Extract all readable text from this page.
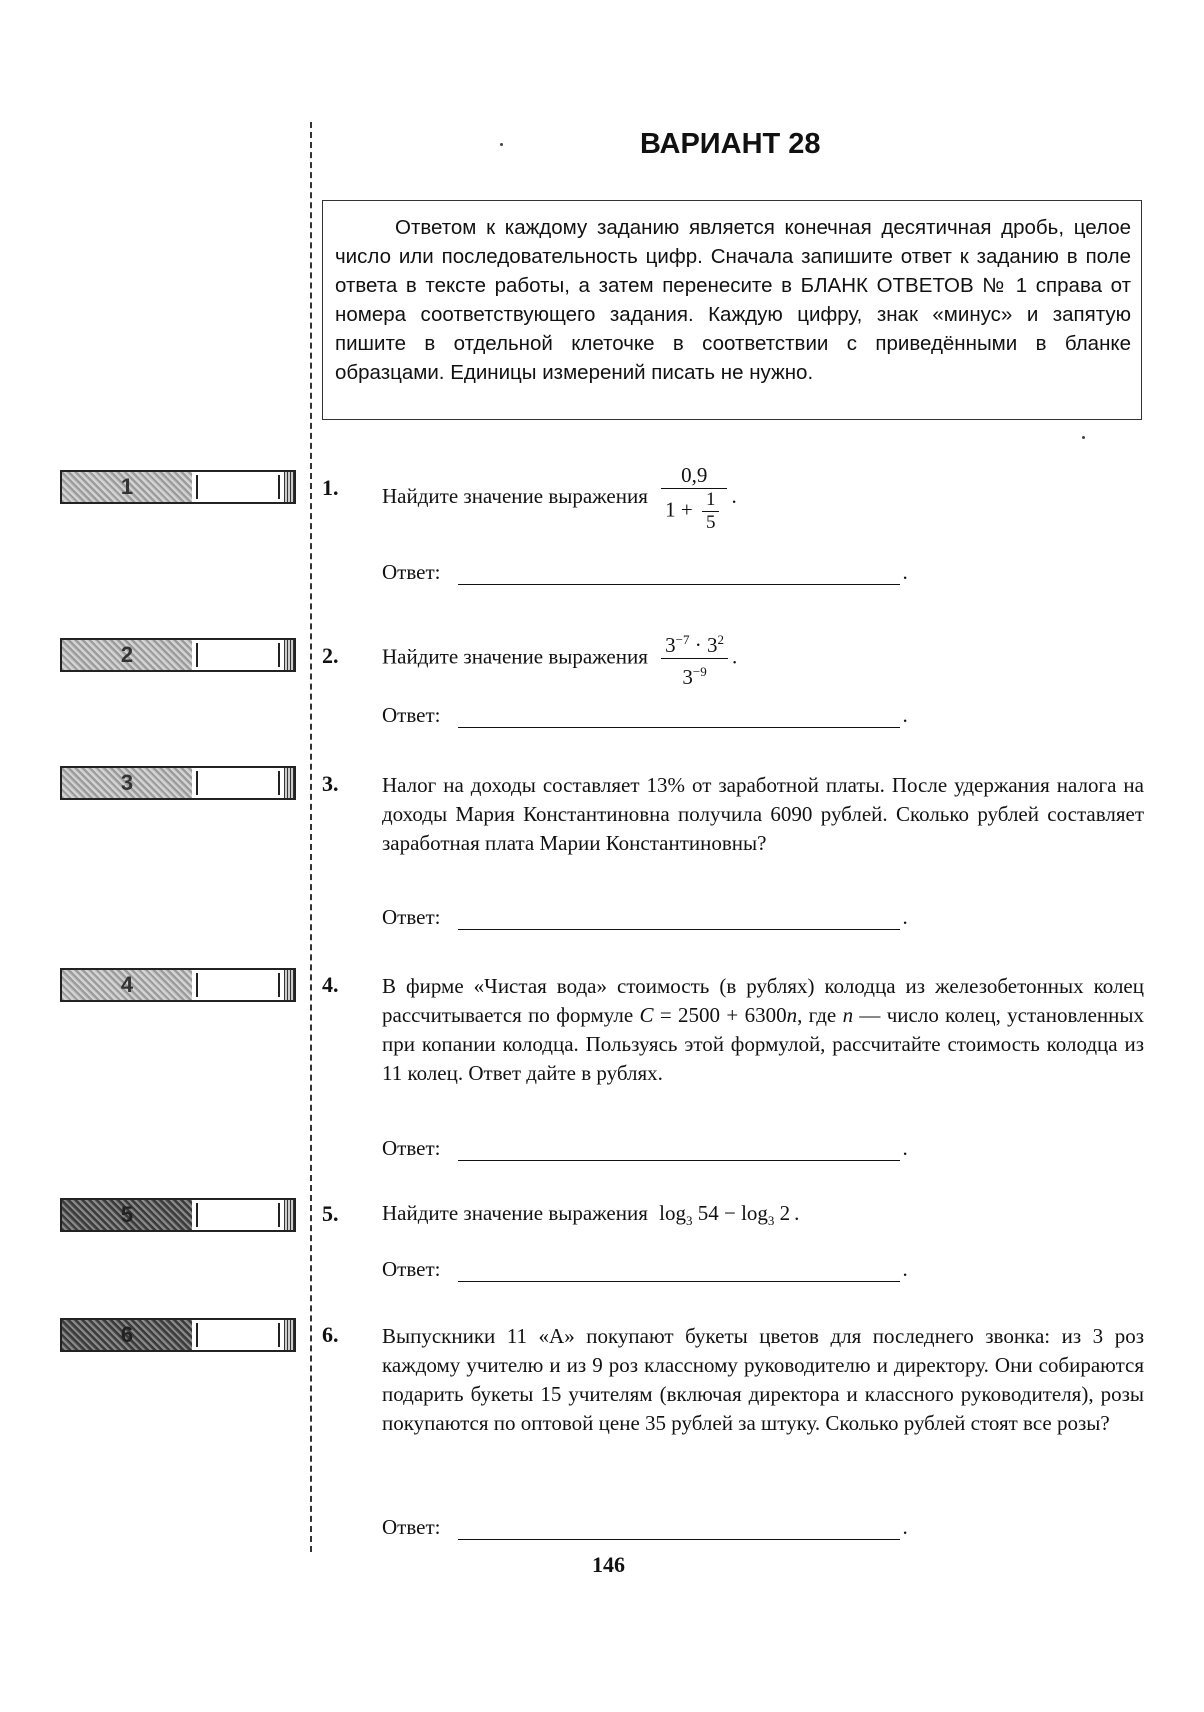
ВАРИАНТ 28
Ответом к каждому заданию является конечная десятичная дробь, целое число или последовательность цифр. Сначала запишите ответ к заданию в поле ответа в тексте работы, а затем перенесите в БЛАНК ОТВЕТОВ № 1 справа от номера соответствующего задания. Каждую цифру, знак «минус» и запятую пишите в отдельной клеточке в соответствии с приведёнными в бланке образцами. Единицы измерений писать не нужно.
1	1. Найдите значение выражения $\frac{0,9}{1 + \frac{1}{5}}$ .
Ответ:	.
2	2. Найдите значение выражения $\frac{3^{-7} \cdot 3^2}{3^{-9}}$ .
Ответ:	.
3	3. Налог на доходы составляет 13% от заработной платы. После удержания налога на доходы Мария Константиновна получила 6090 рублей. Сколько рублей составляет заработная плата Марии Константиновны?
Ответ:	.
4	4. В фирме «Чистая вода» стоимость (в рублях) колодца из железобетонных колец рассчитывается по формуле C = 2500 + 6300n, где n — число колец, установленных при копании колодца. Пользуясь этой формулой, рассчитайте стоимость колодца из 11 колец. Ответ дайте в рублях.
Ответ:	.
5	5. Найдите значение выражения $\log_3 54 - \log_3 2$ .
Ответ:	.
6	6. Выпускники 11 «А» покупают букеты цветов для последнего звонка: из 3 роз каждому учителю и из 9 роз классному руководителю и директору. Они собираются подарить букеты 15 учителям (включая директора и классного руководителя), розы покупаются по оптовой цене 35 рублей за штуку. Сколько рублей стоят все розы?
Ответ:	.
146
